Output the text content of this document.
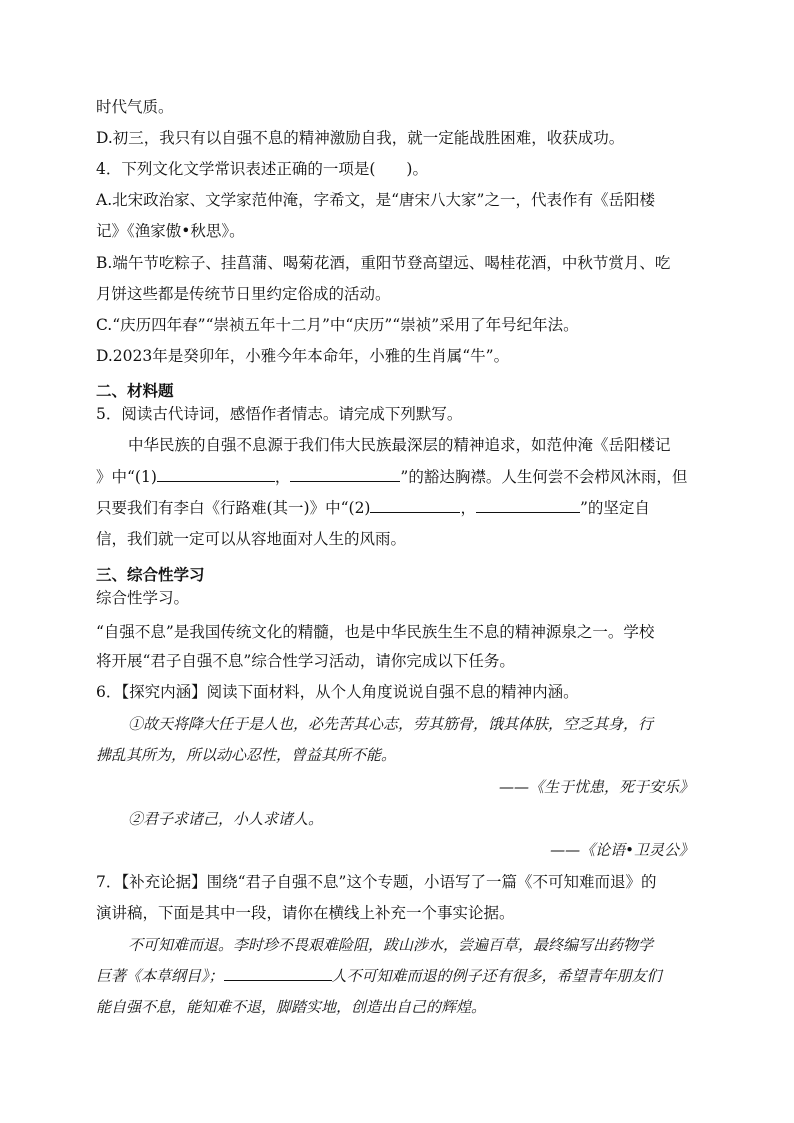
时代气质。
D.初三，我只有以自强不息的精神激励自我，就一定能战胜困难，收获成功。
4．下列文化文学常识表述正确的一项是(　　)。
A.北宋政治家、文学家范仲淹，字希文，是“唐宋八大家”之一，代表作有《岳阳楼
记》《渔家傲•秋思》。
B.端午节吃粽子、挂菖蒲、喝菊花酒，重阳节登高望远、喝桂花酒，中秋节赏月、吃
月饼这些都是传统节日里约定俗成的活动。
C.“庆历四年春”“崇祯五年十二月”中“庆历”“崇祯”采用了年号纪年法。
D.2023年是癸卯年，小雅今年本命年，小雅的生肖属“牛”。
二、材料题
5．阅读古代诗词，感悟作者情志。请完成下列默写。
中华民族的自强不息源于我们伟大民族最深层的精神追求，如范仲淹《岳阳楼记
》中“(1)	，	”的豁达胸襟。人生何尝不会栉风沐雨，但
只要我们有李白《行路难(其一)》中“(2)	，	”的坚定自
信，我们就一定可以从容地面对人生的风雨。
三、综合性学习
综合性学习。
“自强不息”是我国传统文化的精髓，也是中华民族生生不息的精神源泉之一。学校
将开展“君子自强不息”综合性学习活动，请你完成以下任务。
6．【探究内涵】阅读下面材料，从个人角度说说自强不息的精神内涵。
①故天将降大任于是人也，必先苦其心志，劳其筋骨，饿其体肤，空乏其身，行
拂乱其所为，所以动心忍性，曾益其所不能。
——《生于忧患，死于安乐》
②君子求诸己，小人求诸人。
——《论语•卫灵公》
7．【补充论据】围绕“君子自强不息”这个专题，小语写了一篇《不可知难而退》的
演讲稿，下面是其中一段，请你在横线上补充一个事实论据。
不可知难而退。李时珍不畏艰难险阻，跋山涉水，尝遍百草，最终编写出药物学
巨著《本草纲目》；	人不可知难而退的例子还有很多，希望青年朋友们
能自强不息，能知难不退，脚踏实地，创造出自己的辉煌。
